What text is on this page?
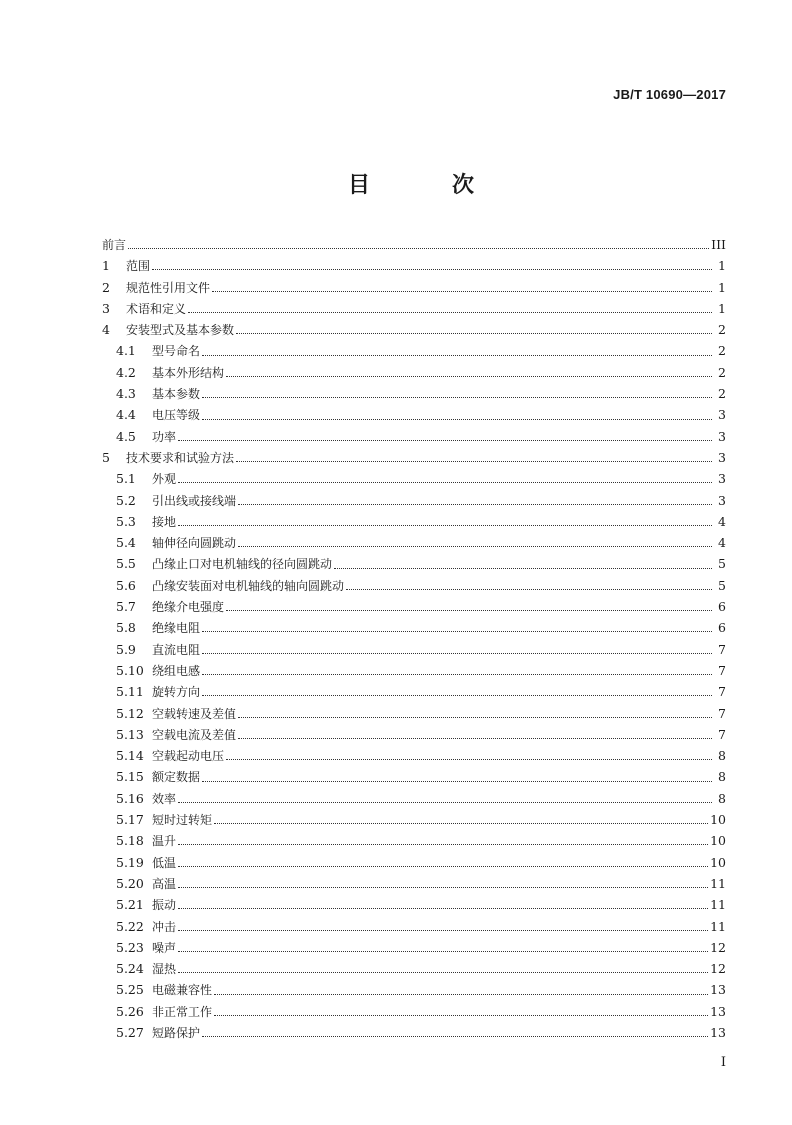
JB/T 10690—2017
目　次
前言	III
1	范围	1
2	规范性引用文件	1
3	术语和定义	1
4	安装型式及基本参数	2
4.1	型号命名	2
4.2	基本外形结构	2
4.3	基本参数	2
4.4	电压等级	3
4.5	功率	3
5	技术要求和试验方法	3
5.1	外观	3
5.2	引出线或接线端	3
5.3	接地	4
5.4	轴伸径向圆跳动	4
5.5	凸缘止口对电机轴线的径向圆跳动	5
5.6	凸缘安装面对电机轴线的轴向圆跳动	5
5.7	绝缘介电强度	6
5.8	绝缘电阻	6
5.9	直流电阻	7
5.10 绕组电感	7
5.11 旋转方向	7
5.12 空载转速及差值	7
5.13 空载电流及差值	7
5.14 空载起动电压	8
5.15 额定数据	8
5.16 效率	8
5.17 短时过转矩	10
5.18 温升	10
5.19 低温	10
5.20 高温	11
5.21 振动	11
5.22 冲击	11
5.23 噪声	12
5.24 湿热	12
5.25 电磁兼容性	13
5.26 非正常工作	13
5.27 短路保护	13
I
